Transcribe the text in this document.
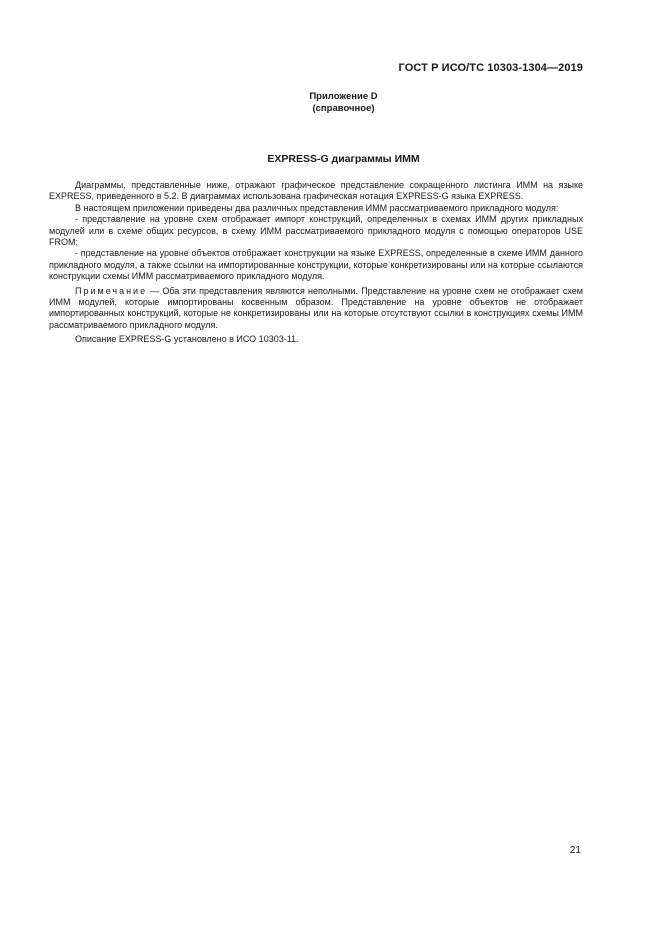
ГОСТ Р ИСО/ТС 10303-1304—2019
Приложение D
(справочное)
EXPRESS-G диаграммы ИММ

Диаграммы, представленные ниже, отражают графическое представление сокращенного листинга ИММ на языке EXPRESS, приведенного в 5.2. В диаграммах использована графическая нотация EXPRESS-G языка EXPRESS.

В настоящем приложении приведены два различных представления ИММ рассматриваемого прикладного модуля:

- представление на уровне схем отображает импорт конструкций, определенных в схемах ИММ других прикладных модулей или в схеме общих ресурсов, в схему ИММ рассматриваемого прикладного модуля с помощью операторов USE FROM;

- представление на уровне объектов отображает конструкции на языке EXPRESS, определенные в схеме ИММ данного прикладного модуля, а также ссылки на импортированные конструкции, которые конкретизированы или на которые ссылаются конструкции схемы ИММ рассматриваемого прикладного модуля.

Примечание — Оба эти представления являются неполными. Представление на уровне схем не отображает схем ИММ модулей, которые импортированы косвенным образом. Представление на уровне объектов не отображает импортированных конструкций, которые не конкретизированы или на которые отсутствуют ссылки в конструкциях схемы ИММ рассматриваемого прикладного модуля.

Описание EXPRESS-G установлено в ИСО 10303-11.

21
